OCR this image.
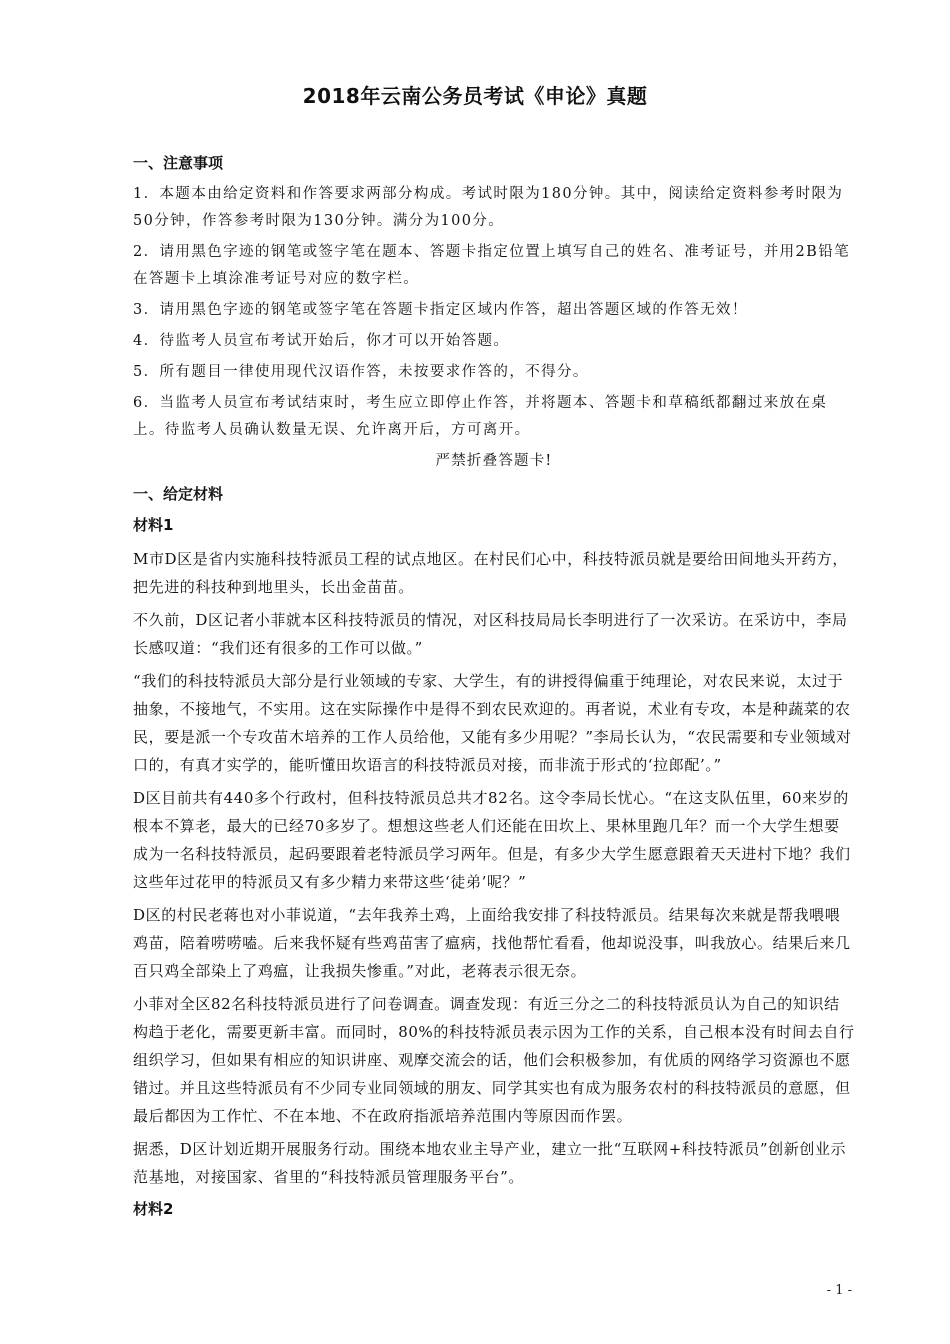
2018年云南公务员考试《申论》真题
一、注意事项
1．本题本由给定资料和作答要求两部分构成。考试时限为180分钟。其中，阅读给定资料参考时限为50分钟，作答参考时限为130分钟。满分为100分。
2．请用黑色字迹的钢笔或签字笔在题本、答题卡指定位置上填写自己的姓名、准考证号，并用2B铅笔在答题卡上填涂准考证号对应的数字栏。
3．请用黑色字迹的钢笔或签字笔在答题卡指定区域内作答，超出答题区域的作答无效！
4．待监考人员宣布考试开始后，你才可以开始答题。
5．所有题目一律使用现代汉语作答，未按要求作答的，不得分。
6．当监考人员宣布考试结束时，考生应立即停止作答，并将题本、答题卡和草稿纸都翻过来放在桌上。待监考人员确认数量无误、允许离开后，方可离开。
严禁折叠答题卡!
一、给定材料
材料1
M市D区是省内实施科技特派员工程的试点地区。在村民们心中，科技特派员就是要给田间地头开药方，把先进的科技种到地里头，长出金苗苗。
不久前，D区记者小菲就本区科技特派员的情况，对区科技局局长李明进行了一次采访。在采访中，李局长感叹道：“我们还有很多的工作可以做。”
“我们的科技特派员大部分是行业领域的专家、大学生，有的讲授得偏重于纯理论，对农民来说，太过于抽象，不接地气，不实用。这在实际操作中是得不到农民欢迎的。再者说，术业有专攻，本是种蔬菜的农民，要是派一个专攻苗木培养的工作人员给他，又能有多少用呢？”李局长认为，“农民需要和专业领域对口的，有真才实学的，能听懂田坎语言的科技特派员对接，而非流于形式的‘拉郎配’。”
D区目前共有440多个行政村，但科技特派员总共才82名。这令李局长忧心。“在这支队伍里，60来岁的根本不算老，最大的已经70多岁了。想想这些老人们还能在田坎上、果林里跑几年？而一个大学生想要成为一名科技特派员，起码要跟着老特派员学习两年。但是，有多少大学生愿意跟着天天进村下地？我们这些年过花甲的特派员又有多少精力来带这些‘徒弟’呢？”
D区的村民老蒋也对小菲说道，“去年我养土鸡，上面给我安排了科技特派员。结果每次来就是帮我喂喂鸡苗，陪着唠唠嗑。后来我怀疑有些鸡苗害了瘟病，找他帮忙看看，他却说没事，叫我放心。结果后来几百只鸡全部染上了鸡瘟，让我损失惨重。”对此，老蒋表示很无奈。
小菲对全区82名科技特派员进行了问卷调查。调查发现：有近三分之二的科技特派员认为自己的知识结构趋于老化，需要更新丰富。而同时，80%的科技特派员表示因为工作的关系，自己根本没有时间去自行组织学习，但如果有相应的知识讲座、观摩交流会的话，他们会积极参加，有优质的网络学习资源也不愿错过。并且这些特派员有不少同专业同领域的朋友、同学其实也有成为服务农村的科技特派员的意愿，但最后都因为工作忙、不在本地、不在政府指派培养范围内等原因而作罢。
据悉，D区计划近期开展服务行动。围绕本地农业主导产业，建立一批“互联网+科技特派员”创新创业示范基地，对接国家、省里的“科技特派员管理服务平台”。
材料2
- 1 -
